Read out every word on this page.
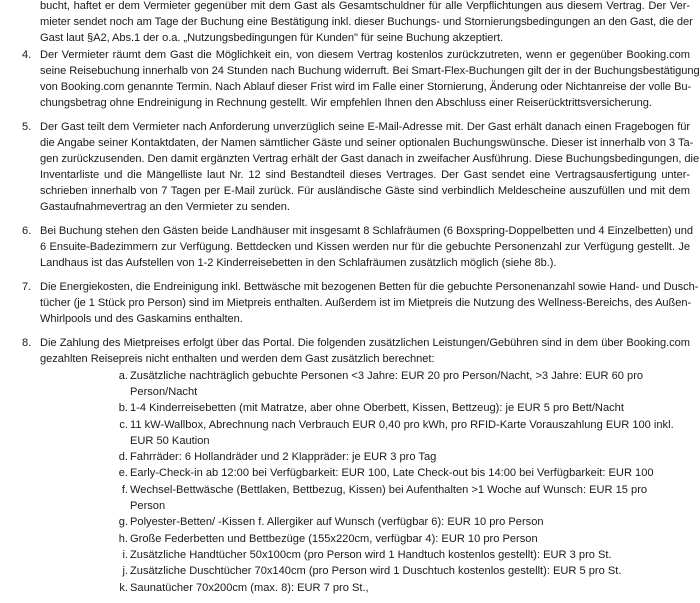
bucht, haftet er dem Vermieter gegenüber mit dem Gast als Gesamtschuldner für alle Verpflichtungen aus diesem Vertrag. Der Ver-
mieter sendet noch am Tage der Buchung eine Bestätigung inkl. dieser Buchungs- und Stornierungsbedingungen an den Gast, die der
Gast laut §A2, Abs.1 der o.a. „Nutzungsbedingungen für Kunden" für seine Buchung akzeptiert.

4. Der Vermieter räumt dem Gast die Möglichkeit ein, von diesem Vertrag kostenlos zurückzutreten, wenn er gegenüber Booking.com
seine Reisebuchung innerhalb von 24 Stunden nach Buchung widerruft. Bei Smart-Flex-Buchungen gilt der in der Buchungsbestätigung
von Booking.com genannte Termin. Nach Ablauf dieser Frist wird im Falle einer Stornierung, Änderung oder Nichtanreise der volle Bu-
chungsbetrag ohne Endreinigung in Rechnung gestellt. Wir empfehlen Ihnen den Abschluss einer Reiserücktrittsversicherung.

5. Der Gast teilt dem Vermieter nach Anforderung unverzüglich seine E-Mail-Adresse mit. Der Gast erhält danach einen Fragebogen für
die Angabe seiner Kontaktdaten, der Namen sämtlicher Gäste und seiner optionalen Buchungswünsche. Dieser ist innerhalb von 3 Ta-
gen zurückzusenden. Den damit ergänzten Vertrag erhält der Gast danach in zweifacher Ausführung. Diese Buchungsbedingungen, die
Inventarliste und die Mängelliste laut Nr. 12 sind Bestandteil dieses Vertrages. Der Gast sendet eine Vertragsausfertigung unter-
schrieben innerhalb von 7 Tagen per E-Mail zurück. Für ausländische Gäste sind verbindlich Meldescheine auszufüllen und mit dem
Gastaufnahmevertrag an den Vermieter zu senden.

6. Bei Buchung stehen den Gästen beide Landhäuser mit insgesamt 8 Schlafräumen (6 Boxspring-Doppelbetten und 4 Einzelbetten) und
6 Ensuite-Badezimmern zur Verfügung. Bettdecken und Kissen werden nur für die gebuchte Personenzahl zur Verfügung gestellt. Je
Landhaus ist das Aufstellen von 1-2 Kinderreisebetten in den Schlafräumen zusätzlich möglich (siehe 8b.).

7. Die Energiekosten, die Endreinigung inkl. Bettwäsche mit bezogenen Betten für die gebuchte Personenanzahl sowie Hand- und Dusch-
tücher (je 1 Stück pro Person) sind im Mietpreis enthalten. Außerdem ist im Mietpreis die Nutzung des Wellness-Bereichs, des Außen-
Whirlpools und des Gaskamins enthalten.

8. Die Zahlung des Mietpreises erfolgt über das Portal. Die folgenden zusätzlichen Leistungen/Gebühren sind in dem über Booking.com
gezahlten Reisepreis nicht enthalten und werden dem Gast zusätzlich berechnet:

a. Zusätzliche nachträglich gebuchte Personen <3 Jahre: EUR 20 pro Person/Nacht, >3 Jahre: EUR 60 pro Person/Nacht
b. 1-4 Kinderreisebetten (mit Matratze, aber ohne Oberbett, Kissen, Bettzeug): je EUR 5 pro Bett/Nacht
c. 11 kW-Wallbox, Abrechnung nach Verbrauch EUR 0,40 pro kWh, pro RFID-Karte Vorauszahlung EUR 100 inkl. EUR 50 Kaution
d. Fahrräder: 6 Hollandräder und 2 Klappräder: je EUR 3 pro Tag
e. Early-Check-in ab 12:00 bei Verfügbarkeit: EUR 100, Late Check-out bis 14:00 bei Verfügbarkeit: EUR 100
f. Wechsel-Bettwäsche (Bettlaken, Bettbezug, Kissen) bei Aufenthalten >1 Woche auf Wunsch: EUR 15 pro Person
g. Polyester-Betten/ -Kissen f. Allergiker auf Wunsch (verfügbar 6): EUR 10 pro Person
h. Große Federbetten und Bettbezüge (155x220cm, verfügbar 4): EUR 10 pro Person
i. Zusätzliche Handtücher 50x100cm (pro Person wird 1 Handtuch kostenlos gestellt): EUR 3 pro St.
j. Zusätzliche Duschtücher 70x140cm (pro Person wird 1 Duschtuch kostenlos gestellt): EUR 5 pro St.
k. Saunatücher 70x200cm (max. 8): EUR 7 pro St.,
